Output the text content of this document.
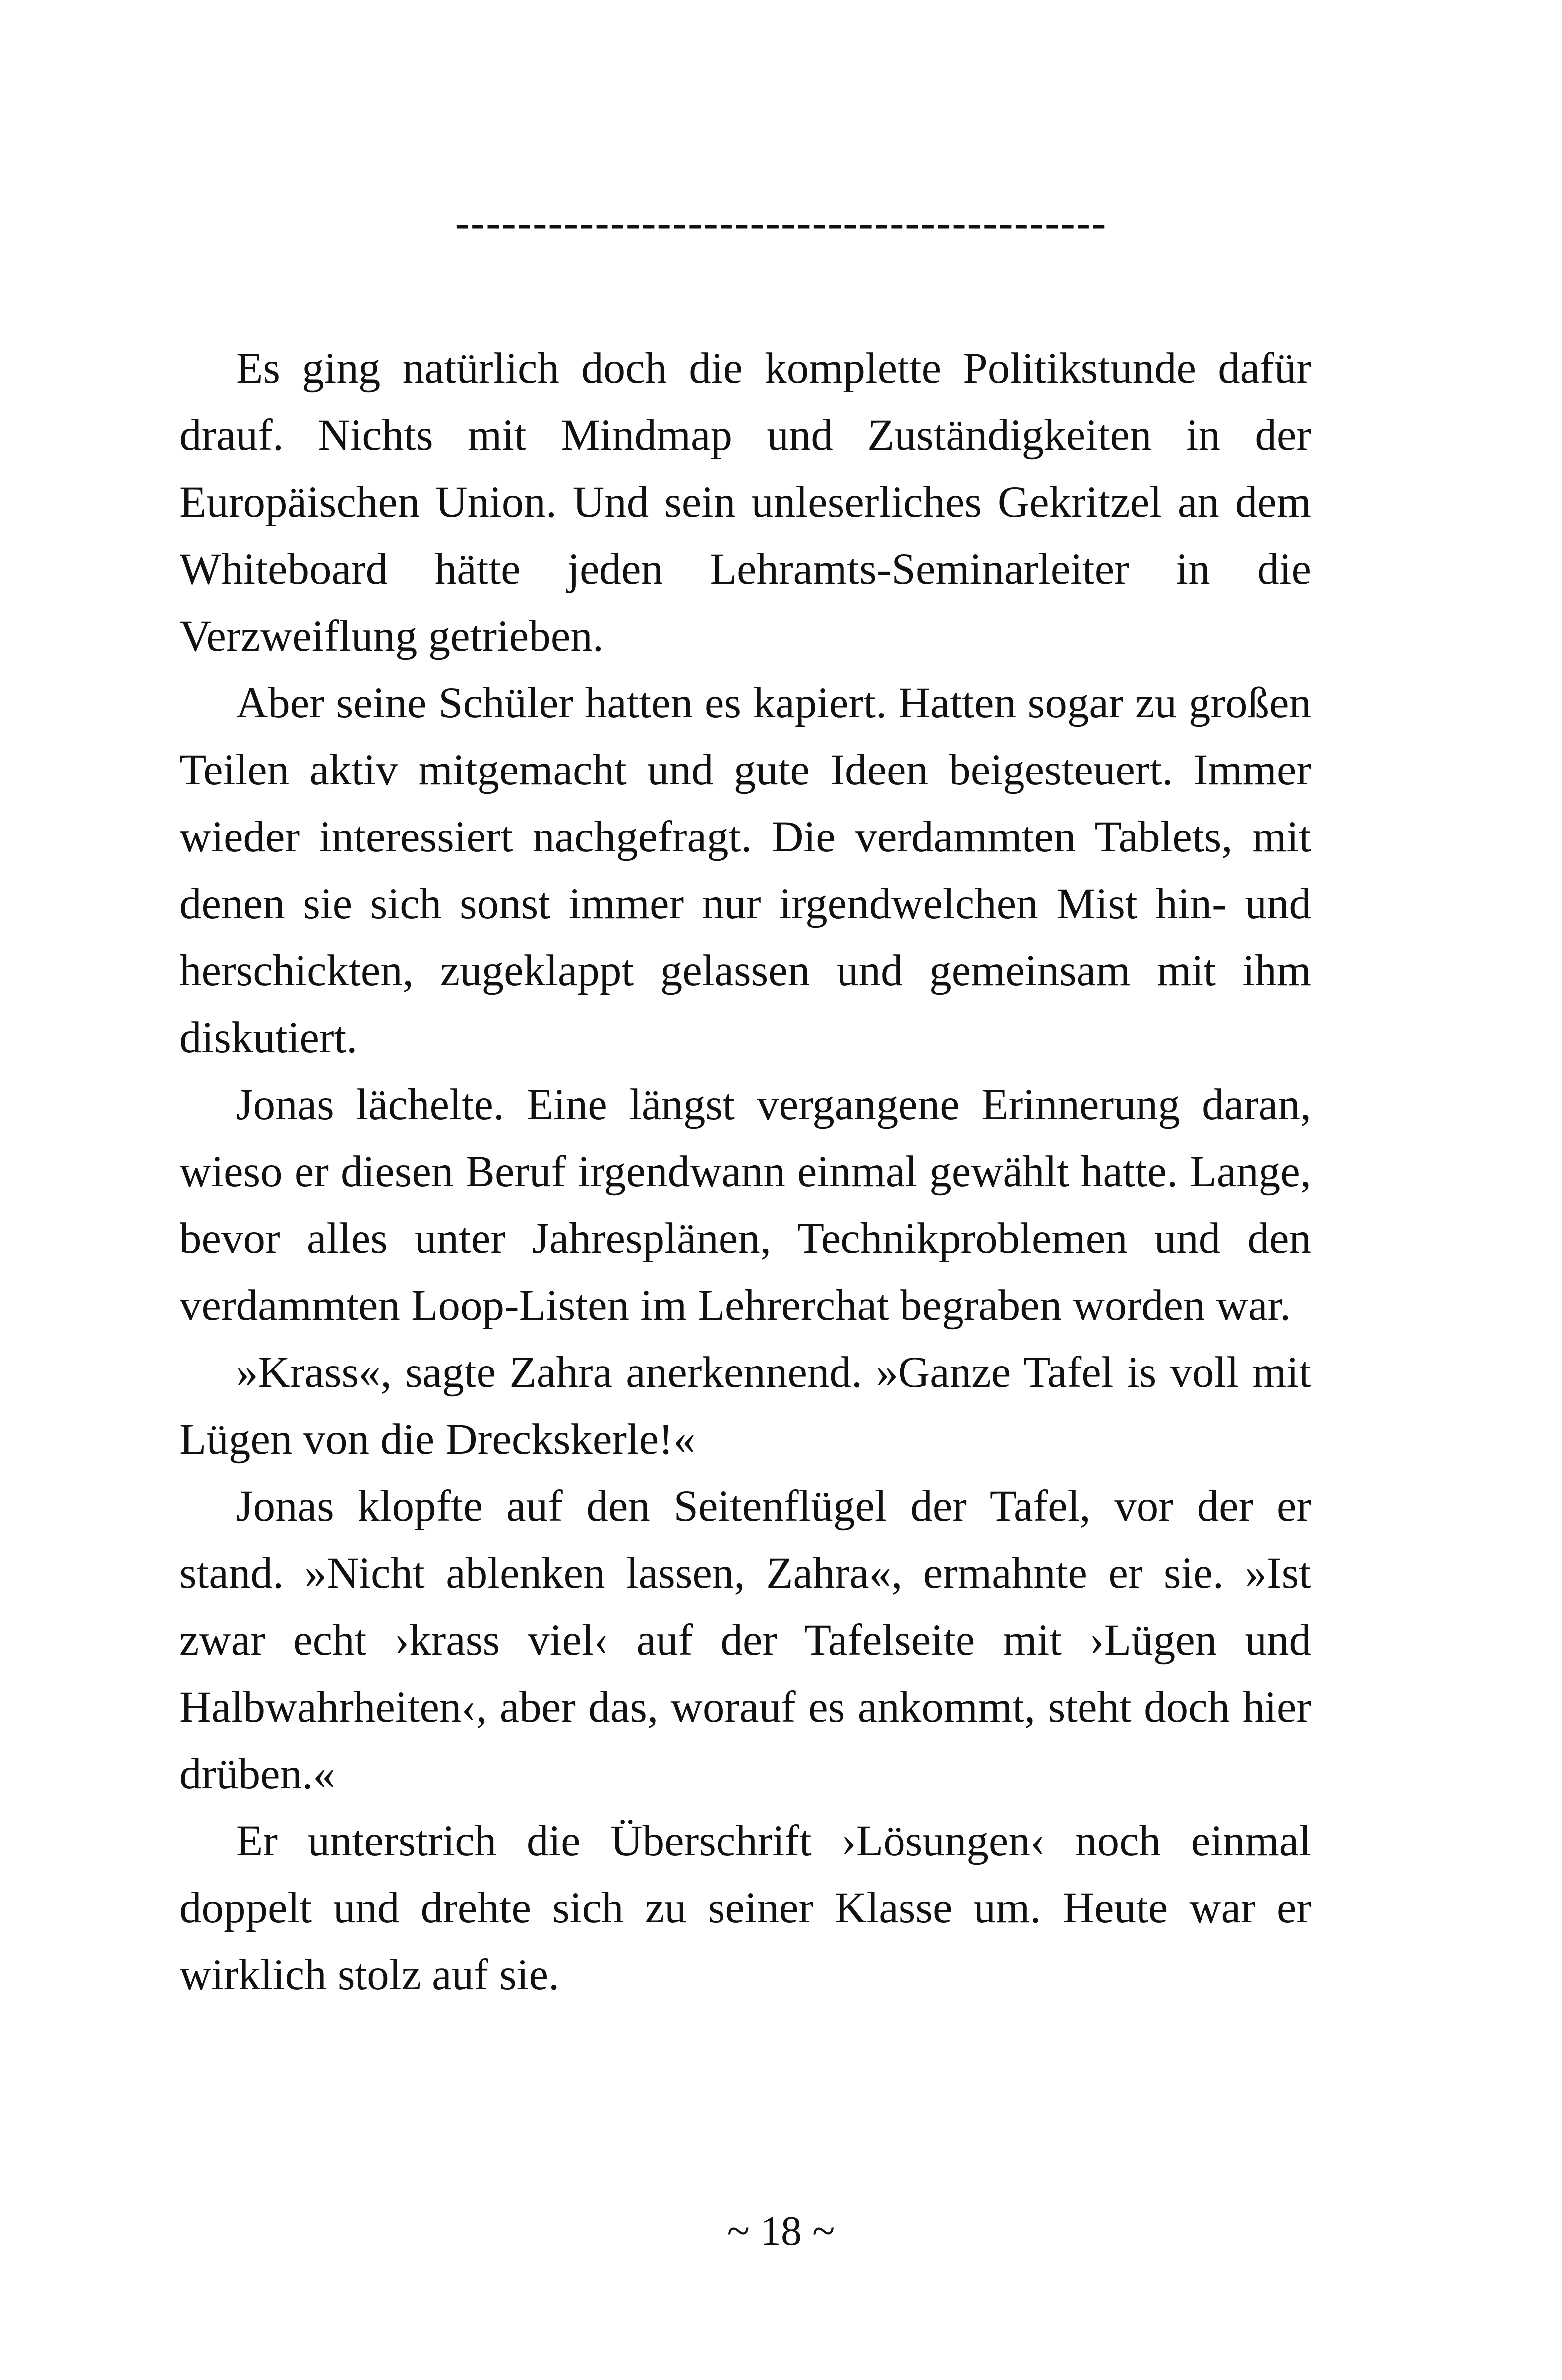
------------------------------------------

Es ging natürlich doch die komplette Politikstunde dafür drauf. Nichts mit Mindmap und Zuständigkeiten in der Europäischen Union. Und sein unleserliches Gekritzel an dem Whiteboard hätte jeden Lehramts-Seminarleiter in die Verzweiflung getrieben.

Aber seine Schüler hatten es kapiert. Hatten sogar zu großen Teilen aktiv mitgemacht und gute Ideen beigesteuert. Immer wieder interessiert nachgefragt. Die verdammten Tablets, mit denen sie sich sonst immer nur irgendwelchen Mist hin- und herschickten, zugeklappt gelassen und gemeinsam mit ihm diskutiert.

Jonas lächelte. Eine längst vergangene Erinnerung daran, wieso er diesen Beruf irgendwann einmal gewählt hatte. Lange, bevor alles unter Jahresplänen, Technikproblemen und den verdammten Loop-Listen im Lehrerchat begraben worden war.

»Krass«, sagte Zahra anerkennend. »Ganze Tafel is voll mit Lügen von die Dreckskerle!«

Jonas klopfte auf den Seitenflügel der Tafel, vor der er stand. »Nicht ablenken lassen, Zahra«, ermahnte er sie. »Ist zwar echt ›krass viel‹ auf der Tafelseite mit ›Lügen und Halbwahrheiten‹, aber das, worauf es ankommt, steht doch hier drüben.«

Er unterstrich die Überschrift ›Lösungen‹ noch einmal doppelt und drehte sich zu seiner Klasse um. Heute war er wirklich stolz auf sie.

~ 18 ~
